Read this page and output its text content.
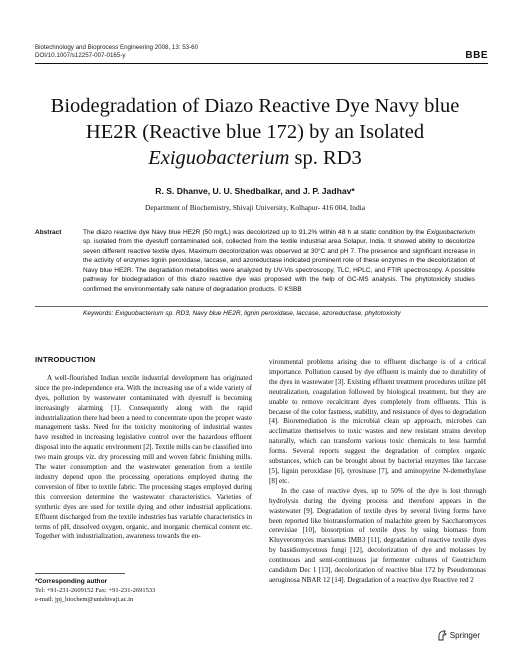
Biotechnology and Bioprocess Engineering 2008, 13: 53-60
DOI/10.1007/s12257-007-0165-y	BBE
Biodegradation of Diazo Reactive Dye Navy blue HE2R (Reactive blue 172) by an Isolated Exiguobacterium sp. RD3
R. S. Dhanve, U. U. Shedbalkar, and J. P. Jadhav*
Department of Biochemistry, Shivaji University, Kolhapur- 416 004, India
Abstract	The diazo reactive dye Navy blue HE2R (50 mg/L) was decolorized up to 91.2% within 48 h at static condition by the Exiguobacterium sp. isolated from the dyestuff contaminated soil, collected from the textile industrial area Solapur, India. It showed ability to decolorize seven different reactive textile dyes. Maximum decolorization was observed at 30°C and pH 7. The presence and significant increase in the activity of enzymes lignin peroxidase, laccase, and azoreductase indicated prominent role of these enzymes in the decolorization of Navy blue HE2R. The degradation metabolites were analyzed by UV-Vis spectroscopy, TLC, HPLC, and FTIR spectroscopy. A possible pathway for biodegradation of this diazo reactive dye was proposed with the help of GC-MS analysis. The phytotoxicity studies confirmed the environmentally safe nature of degradation products. © KSBB
Keywords: Exiguobacterium sp. RD3, Navy blue HE2R, lignin peroxidase, laccase, azoreductase, phytotoxicity
INTRODUCTION

A well-flourished Indian textile industrial development has originated since the pre-independence era. With the increasing use of a wide variety of dyes, pollution by wastewater contaminated with dyestuff is becoming increasingly alarming [1]. Consequently along with the rapid industrialization there had been a need to concentrate upon the proper waste management tasks. Need for the toxicity monitoring of industrial wastes have resulted in increasing legislative control over the hazardous effluent disposal into the aquatic environment [2]. Textile mills can be classified into two main groups viz. dry processing mill and woven fabric finishing mills. The water consumption and the wastewater generation from a textile industry depend upon the processing operations employed during the conversion of fiber to textile fabric. The processing stages employed during this conversion determine the wastewater characteristics. Varieties of synthetic dyes are used for textile dying and other industrial applications. Effluent discharged from the textile industries has variable characteristics in terms of pH, dissolved oxygen, organic, and inorganic chemical content etc. Together with industrialization, awareness towards the en-

vironmental problems arising due to effluent discharge is of a critical importance. Pollution caused by dye effluent is mainly due to durability of the dyes in wastewater [3]. Existing effluent treatment procedures utilize pH neutralization, coagulation followed by biological treatment, but they are unable to remove recalcitrant dyes completely from effluents. This is because of the color fastness, stability, and resistance of dyes to degradation [4]. Bioremediation is the microbial clean up approach, microbes can acclimatize themselves to toxic wastes and new resistant strains develop naturally, which can transform various toxic chemicals to less harmful forms. Several reports suggest the degradation of complex organic substances, which can be brought about by bacterial enzymes like laccase [5], lignin peroxidase [6], tyrosinase [7], and aminopyrine N-demethylase [8] etc.

In the case of reactive dyes, up to 50% of the dye is lost through hydrolysis during the dyeing process and therefore appears in the wastewater [9]. Degradation of textile dyes by several living forms have been reported like biotransformation of malachite green by Saccharomyces cerevisiae [10], biosorption of textile dyes by using biomass from Kluyveromyces marxianus IMB3 [11], degradation of reactive textile dyes by basidiomycetous fungi [12], decolorization of dye and molasses by continuous and semi-continuous jar fermenter cultures of Geotrichum candidum Dec 1 [13], decolorization of reactive blue 172 by Pseudomonas aeruginosa NBAR 12 [14]. Degradation of a reactive dye Reactive red 2

*Corresponding author
Tel: +91-231-2609152 Fax: +91-231-2691533
e-mail: jpj_biochem@unishivaji.ac.in
Springer
